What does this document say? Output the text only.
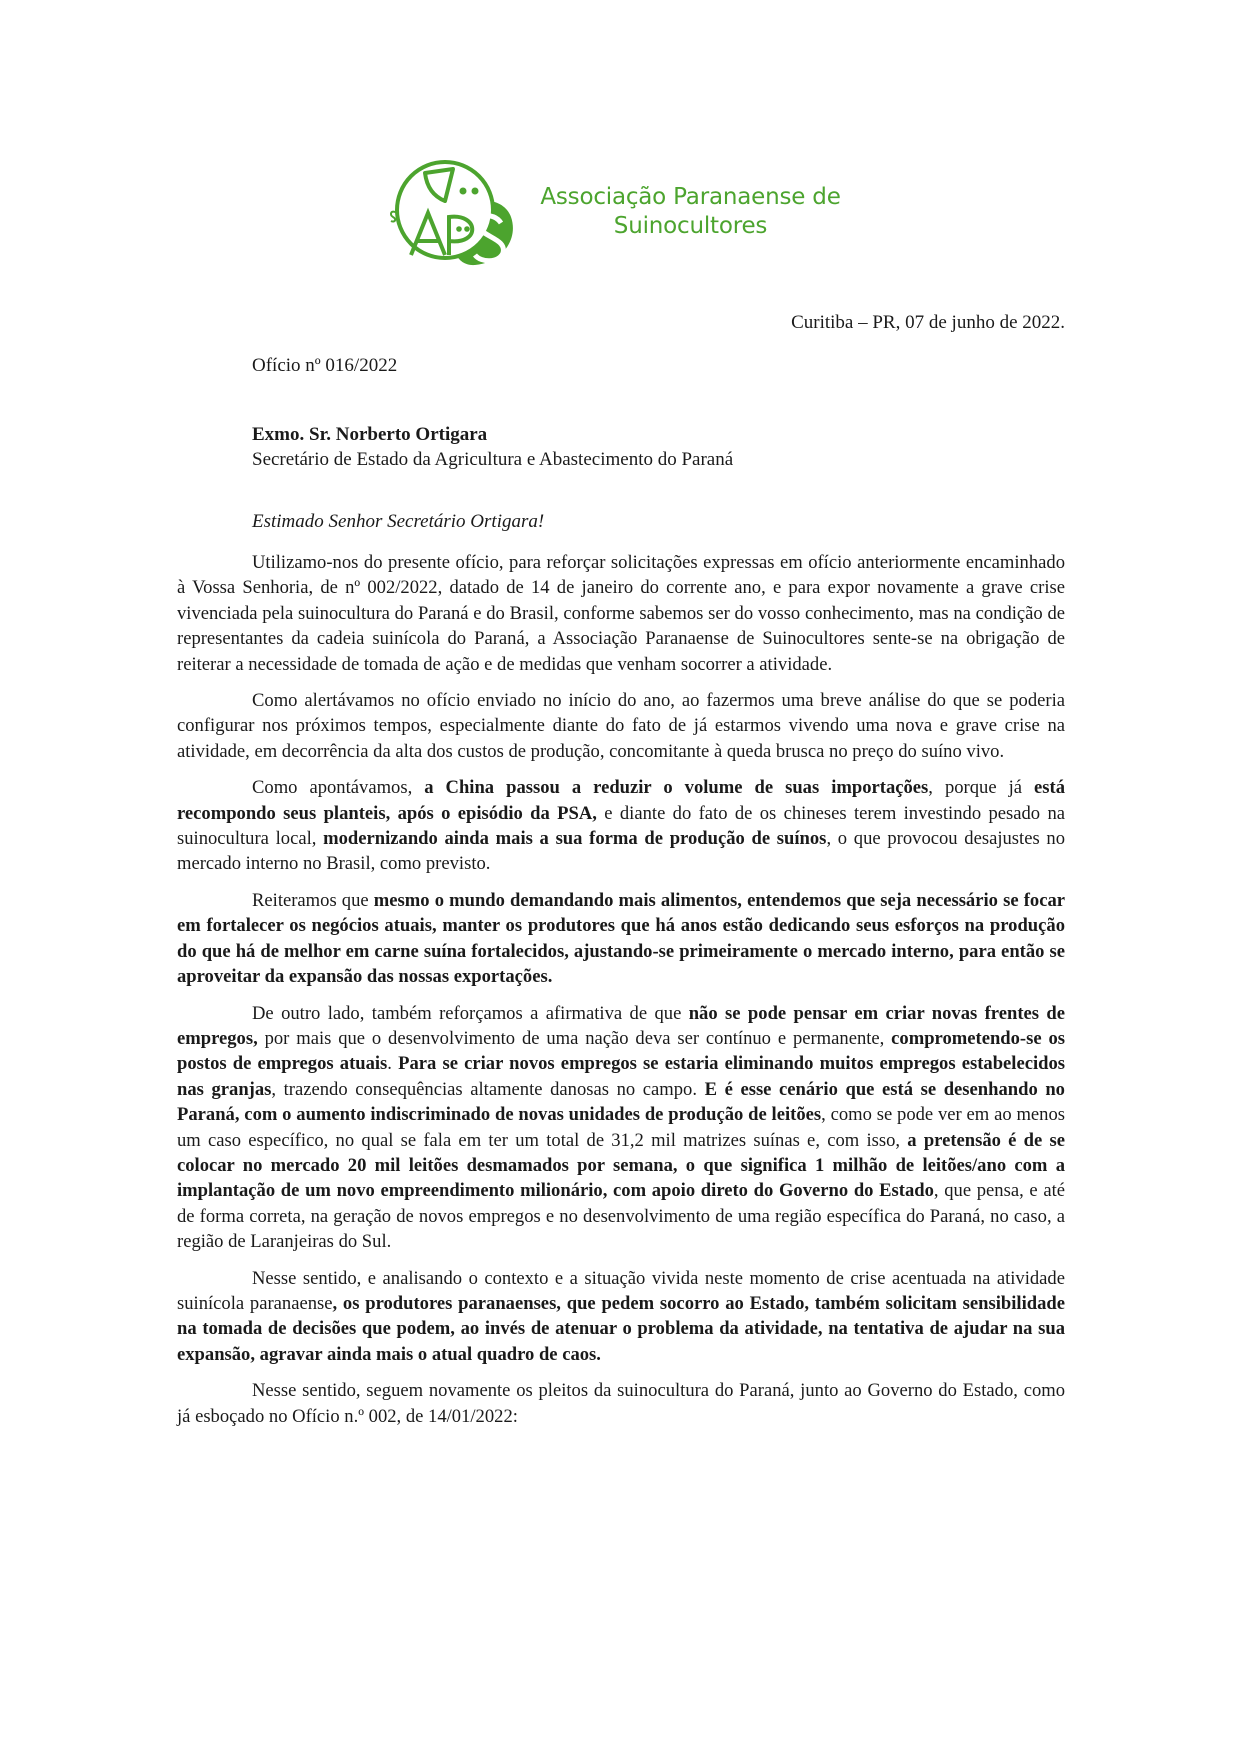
Associação Paranaense de
Suinocultores
Curitiba – PR, 07 de junho de 2022.
Ofício nº 016/2022
Exmo. Sr. Norberto Ortigara
Secretário de Estado da Agricultura e Abastecimento do Paraná
Estimado Senhor Secretário Ortigara!

Utilizamo-nos do presente ofício, para reforçar solicitações expressas em ofício anteriormente encaminhado à Vossa Senhoria, de nº 002/2022, datado de 14 de janeiro do corrente ano, e para expor novamente a grave crise vivenciada pela suinocultura do Paraná e do Brasil, conforme sabemos ser do vosso conhecimento, mas na condição de representantes da cadeia suinícola do Paraná, a Associação Paranaense de Suinocultores sente-se na obrigação de reiterar a necessidade de tomada de ação e de medidas que venham socorrer a atividade.

Como alertávamos no ofício enviado no início do ano, ao fazermos uma breve análise do que se poderia configurar nos próximos tempos, especialmente diante do fato de já estarmos vivendo uma nova e grave crise na atividade, em decorrência da alta dos custos de produção, concomitante à queda brusca no preço do suíno vivo.

Como apontávamos, a China passou a reduzir o volume de suas importações, porque já está recompondo seus planteis, após o episódio da PSA, e diante do fato de os chineses terem investindo pesado na suinocultura local, modernizando ainda mais a sua forma de produção de suínos, o que provocou desajustes no mercado interno no Brasil, como previsto.

Reiteramos que mesmo o mundo demandando mais alimentos, entendemos que seja necessário se focar em fortalecer os negócios atuais, manter os produtores que há anos estão dedicando seus esforços na produção do que há de melhor em carne suína fortalecidos, ajustando-se primeiramente o mercado interno, para então se aproveitar da expansão das nossas exportações.

De outro lado, também reforçamos a afirmativa de que não se pode pensar em criar novas frentes de empregos, por mais que o desenvolvimento de uma nação deva ser contínuo e permanente, comprometendo-se os postos de empregos atuais. Para se criar novos empregos se estaria eliminando muitos empregos estabelecidos nas granjas, trazendo consequências altamente danosas no campo. E é esse cenário que está se desenhando no Paraná, com o aumento indiscriminado de novas unidades de produção de leitões, como se pode ver em ao menos um caso específico, no qual se fala em ter um total de 31,2 mil matrizes suínas e, com isso, a pretensão é de se colocar no mercado 20 mil leitões desmamados por semana, o que significa 1 milhão de leitões/ano com a implantação de um novo empreendimento milionário, com apoio direto do Governo do Estado, que pensa, e até de forma correta, na geração de novos empregos e no desenvolvimento de uma região específica do Paraná, no caso, a região de Laranjeiras do Sul.

Nesse sentido, e analisando o contexto e a situação vivida neste momento de crise acentuada na atividade suinícola paranaense, os produtores paranaenses, que pedem socorro ao Estado, também solicitam sensibilidade na tomada de decisões que podem, ao invés de atenuar o problema da atividade, na tentativa de ajudar na sua expansão, agravar ainda mais o atual quadro de caos.

Nesse sentido, seguem novamente os pleitos da suinocultura do Paraná, junto ao Governo do Estado, como já esboçado no Ofício n.º 002, de 14/01/2022:
